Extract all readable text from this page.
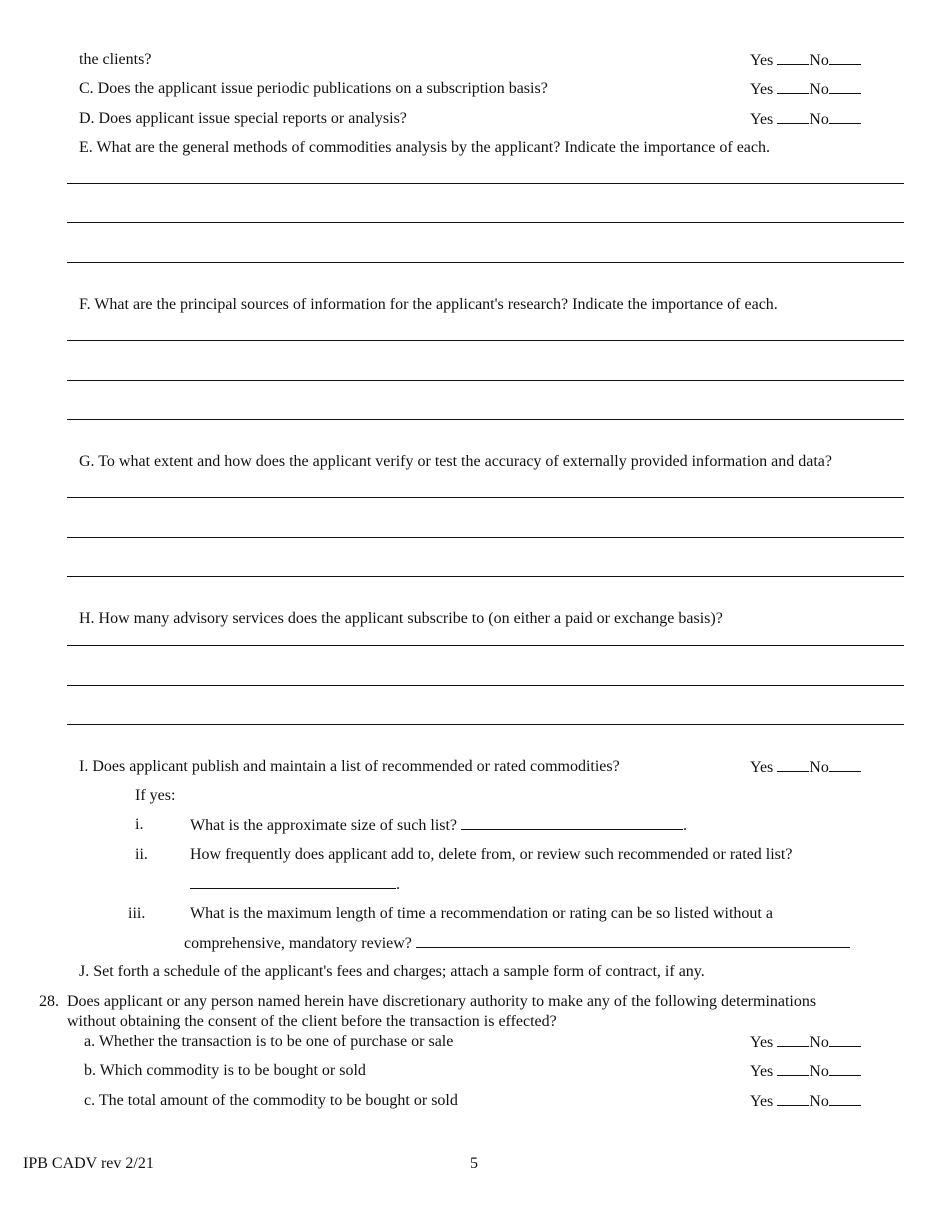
the clients?	Yes No
C. Does the applicant issue periodic publications on a subscription basis?	Yes No
D. Does applicant issue special reports or analysis?	Yes No
E. What are the general methods of commodities analysis by the applicant? Indicate the importance of each.
F. What are the principal sources of information for the applicant's research? Indicate the importance of each.
G. To what extent and how does the applicant verify or test the accuracy of externally provided information and data?
H. How many advisory services does the applicant subscribe to (on either a paid or exchange basis)?
I. Does applicant publish and maintain a list of recommended or rated commodities?	Yes No
If yes:
i.	What is the approximate size of such list?	.
ii.	How frequently does applicant add to, delete from, or review such recommended or rated list?
.
iii.	What is the maximum length of time a recommendation or rating can be so listed without a
comprehensive, mandatory review?
J. Set forth a schedule of the applicant's fees and charges; attach a sample form of contract, if any.
28. Does applicant or any person named herein have discretionary authority to make any of the following determinations
without obtaining the consent of the client before the transaction is effected?
a. Whether the transaction is to be one of purchase or sale	Yes No
b. Which commodity is to be bought or sold	Yes No
c. The total amount of the commodity to be bought or sold	Yes No
IPB CADV rev 2/21	5
